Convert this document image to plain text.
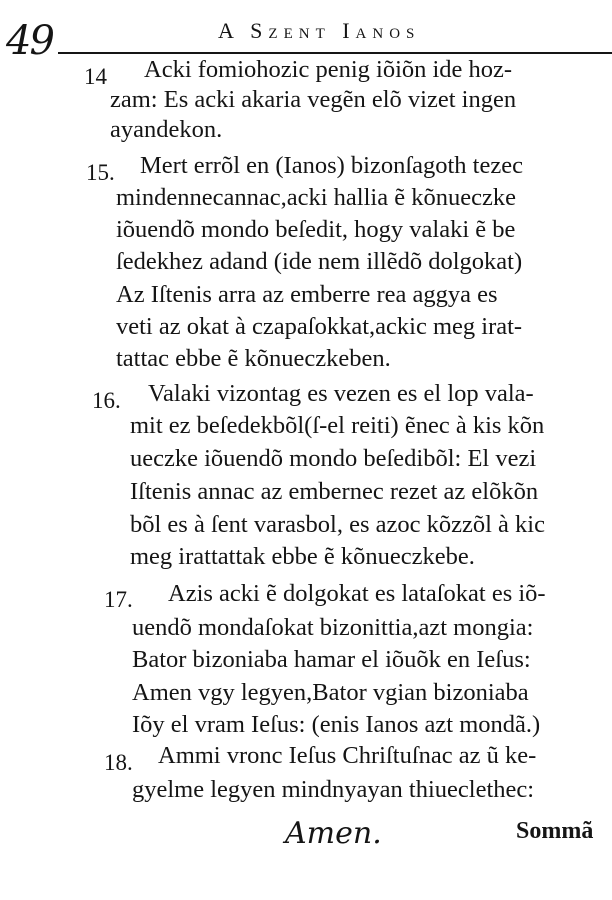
49	A Szent Ianos
14 Acki fomiohozic penig iõiõn ide hoz-
zam: Es acki akaria vegẽn elõ vizet ingen
ayandekon.
15. Mert errõl en (Ianos) bizonſagoth tezec
mindennecannac,acki hallia ẽ kõnueczke
iõuendõ mondo beſedit, hogy valaki ẽ be
ſedekhez adand (ide nem illẽdõ dolgokat)
Az Iſtenis arra az emberre rea aggya es
veti az okat à czapaſokkat,ackic meg irat-
tattac ebbe ẽ kõnueczkeben.
16. Valaki vizontag es vezen es el lop vala-
mit ez beſedekbõl(ſ-el reiti) ẽnec à kis kõn
ueczke iõuendõ mondo beſedibõl: El vezi
Iſtenis annac az embernec rezet az elõkõn
bõl es à ſent varasbol, es azoc kõzzõl à kic
meg irattattak ebbe ẽ kõnueczkebe.
17. Azis acki ẽ dolgokat es lataſokat es iõ-
uendõ mondaſokat bizonittia,azt mongia:
Bator bizoniaba hamar el iõuõk en Ieſus:
Amen vgy legyen,Bator vgian bizoniaba
Iõy el vram Ieſus: (enis Ianos azt mondã.)
18. Ammi vronc Ieſus Chriſtuſnac az ũ ke-
gyelme legyen mindnyayan thiueclethec:
Amen.	Sommã
